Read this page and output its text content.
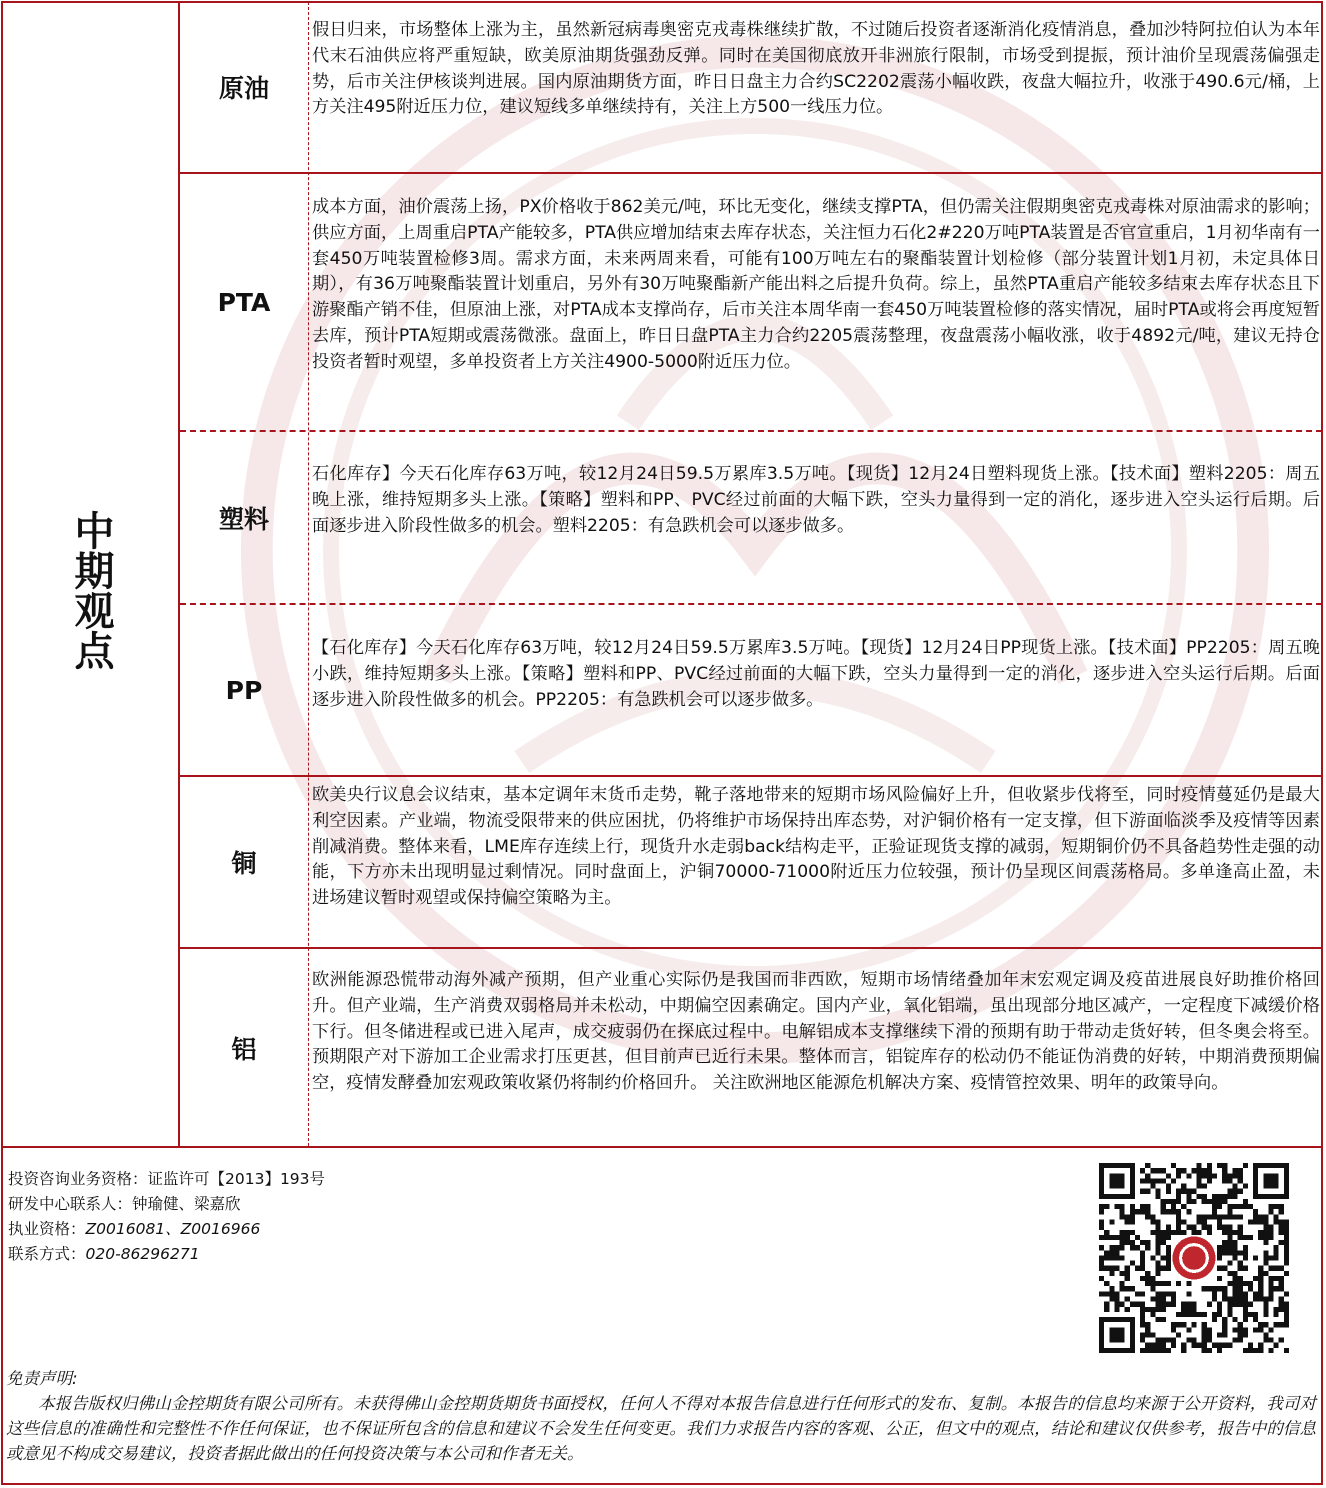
中期观点
原油

假日归来，市场整体上涨为主，虽然新冠病毒奥密克戎毒株继续扩散，不过随后投资者逐渐消化疫情消息，叠加沙特阿拉伯认为本年代末石油供应将严重短缺，欧美原油期货强劲反弹。同时在美国彻底放开非洲旅行限制，市场受到提振，预计油价呈现震荡偏强走势，后市关注伊核谈判进展。国内原油期货方面，昨日日盘主力合约SC2202震荡小幅收跌，夜盘大幅拉升，收涨于490.6元/桶，上方关注495附近压力位，建议短线多单继续持有，关注上方500一线压力位。

PTA

成本方面，油价震荡上扬，PX价格收于862美元/吨，环比无变化，继续支撑PTA，但仍需关注假期奥密克戎毒株对原油需求的影响；供应方面，上周重启PTA产能较多，PTA供应增加结束去库存状态，关注恒力石化2#220万吨PTA装置是否官宣重启，1月初华南有一套450万吨装置检修3周。需求方面，未来两周来看，可能有100万吨左右的聚酯装置计划检修（部分装置计划1月初，未定具体日期），有36万吨聚酯装置计划重启，另外有30万吨聚酯新产能出料之后提升负荷。综上，虽然PTA重启产能较多结束去库存状态且下游聚酯产销不佳，但原油上涨，对PTA成本支撑尚存，后市关注本周华南一套450万吨装置检修的落实情况，届时PTA或将会再度短暂去库，预计PTA短期或震荡微涨。盘面上，昨日日盘PTA主力合约2205震荡整理，夜盘震荡小幅收涨，收于4892元/吨，建议无持仓投资者暂时观望，多单投资者上方关注4900-5000附近压力位。

塑料

石化库存】今天石化库存63万吨，较12月24日59.5万累库3.5万吨。【现货】12月24日塑料现货上涨。【技术面】塑料2205：周五晚上涨，维持短期多头上涨。【策略】塑料和PP、PVC经过前面的大幅下跌，空头力量得到一定的消化，逐步进入空头运行后期。后面逐步进入阶段性做多的机会。塑料2205：有急跌机会可以逐步做多。

PP

【石化库存】今天石化库存63万吨，较12月24日59.5万累库3.5万吨。【现货】12月24日PP现货上涨。【技术面】PP2205：周五晚小跌，维持短期多头上涨。【策略】塑料和PP、PVC经过前面的大幅下跌，空头力量得到一定的消化，逐步进入空头运行后期。后面逐步进入阶段性做多的机会。PP2205：有急跌机会可以逐步做多。

铜

欧美央行议息会议结束，基本定调年末货币走势，靴子落地带来的短期市场风险偏好上升，但收紧步伐将至，同时疫情蔓延仍是最大利空因素。产业端，物流受限带来的供应困扰，仍将维护市场保持出库态势，对沪铜价格有一定支撑，但下游面临淡季及疫情等因素削减消费。整体来看，LME库存连续上行，现货升水走弱back结构走平，正验证现货支撑的减弱，短期铜价仍不具备趋势性走强的动能，下方亦未出现明显过剩情况。同时盘面上，沪铜70000-71000附近压力位较强，预计仍呈现区间震荡格局。多单逢高止盈，未进场建议暂时观望或保持偏空策略为主。

铝

欧洲能源恐慌带动海外减产预期，但产业重心实际仍是我国而非西欧，短期市场情绪叠加年末宏观定调及疫苗进展良好助推价格回升。但产业端，生产消费双弱格局并未松动，中期偏空因素确定。国内产业，氧化铝端，虽出现部分地区减产，一定程度下减缓价格下行。但冬储进程或已进入尾声，成交疲弱仍在探底过程中。电解铝成本支撑继续下滑的预期有助于带动走货好转，但冬奥会将至。预期限产对下游加工企业需求打压更甚，但目前声已近行未果。整体而言，铝锭库存的松动仍不能证伪消费的好转，中期消费预期偏空，疫情发酵叠加宏观政策收紧仍将制约价格回升。 关注欧洲地区能源危机解决方案、疫情管控效果、明年的政策导向。

投资咨询业务资格：证监许可【2013】193号
研发中心联系人：钟瑜健、梁嘉欣
执业资格：Z0016081、Z0016966
联系方式：020-86296271

免责声明:

本报告版权归佛山金控期货有限公司所有。未获得佛山金控期货期货书面授权，任何人不得对本报告信息进行任何形式的发布、复制。本报告的信息均来源于公开资料，我司对这些信息的准确性和完整性不作任何保证，也不保证所包含的信息和建议不会发生任何变更。我们力求报告内容的客观、公正，但文中的观点，结论和建议仅供参考，报告中的信息或意见不构成交易建议，投资者据此做出的任何投资决策与本公司和作者无关。
